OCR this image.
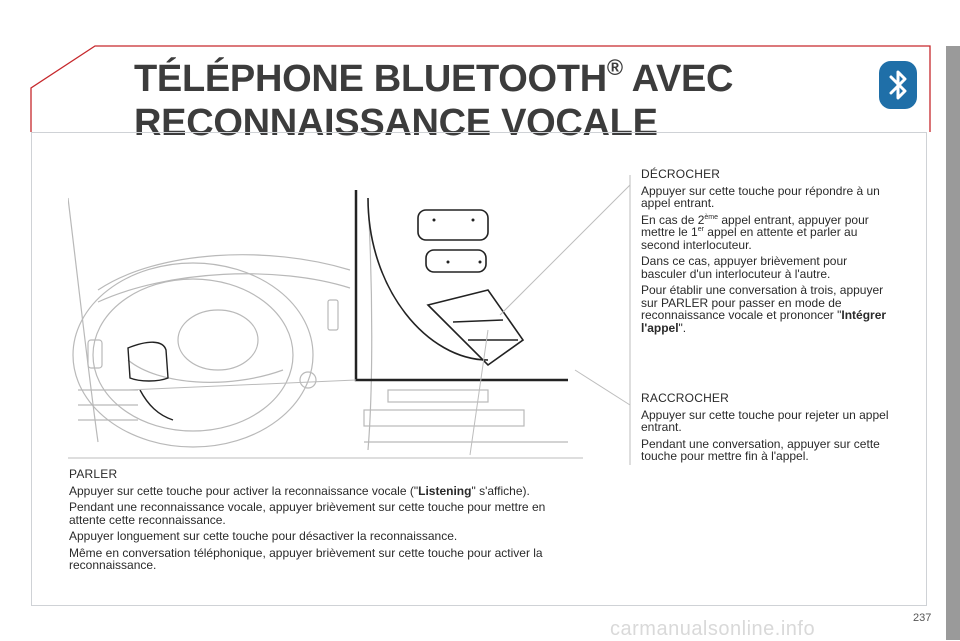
TÉLÉPHONE BLUETOOTH® AVEC
RECONNAISSANCE VOCALE

DÉCROCHER

Appuyer sur cette touche pour répondre à un appel entrant.

En cas de 2ème appel entrant, appuyer pour mettre le 1er appel en attente et parler au second interlocuteur.

Dans ce cas, appuyer brièvement pour basculer d'un interlocuteur à l'autre.

Pour établir une conversation à trois, appuyer sur PARLER pour passer en mode de reconnaissance vocale et prononcer "Intégrer l'appel".

RACCROCHER

Appuyer sur cette touche pour rejeter un appel entrant.

Pendant une conversation, appuyer sur cette touche pour mettre fin à l'appel.

PARLER

Appuyer sur cette touche pour activer la reconnaissance vocale ("Listening" s'affiche).

Pendant une reconnaissance vocale, appuyer brièvement sur cette touche pour mettre en attente cette reconnaissance.

Appuyer longuement sur cette touche pour désactiver la reconnaissance.

Même en conversation téléphonique, appuyer brièvement sur cette touche pour activer la reconnaissance.

237
carmanualsonline.info
